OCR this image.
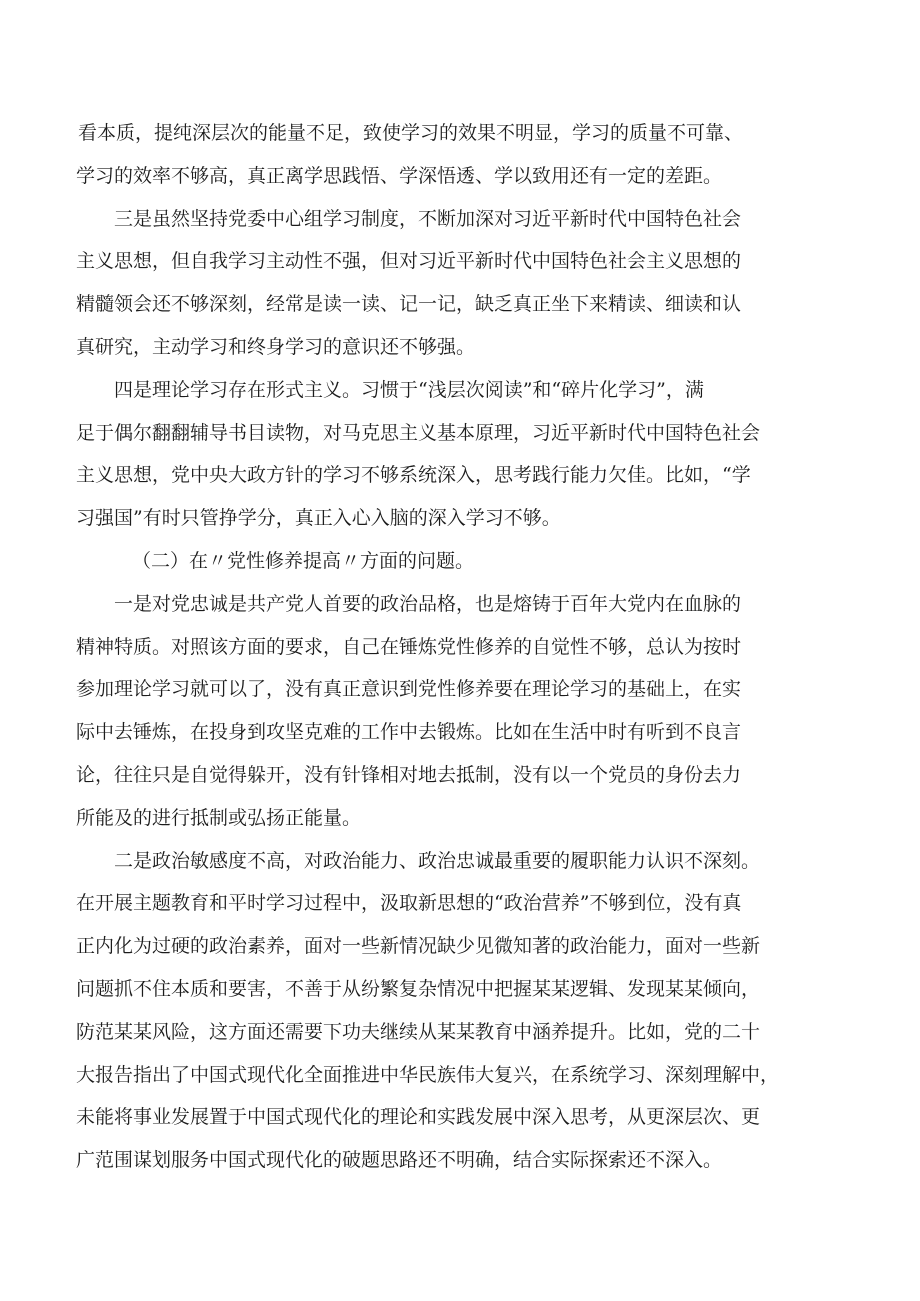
看本质，提纯深层次的能量不足，致使学习的效果不明显，学习的质量不可靠、
学习的效率不够高，真正离学思践悟、学深悟透、学以致用还有一定的差距。
三是虽然坚持党委中心组学习制度，不断加深对习近平新时代中国特色社会
主义思想，但自我学习主动性不强，但对习近平新时代中国特色社会主义思想的
精髓领会还不够深刻，经常是读一读、记一记，缺乏真正坐下来精读、细读和认
真研究，主动学习和终身学习的意识还不够强。
四是理论学习存在形式主义。习惯于“浅层次阅读”和“碎片化学习”，满
足于偶尔翻翻辅导书目读物，对马克思主义基本原理，习近平新时代中国特色社会
主义思想，党中央大政方针的学习不够系统深入，思考践行能力欠佳。比如，“学
习强国”有时只管挣学分，真正入心入脑的深入学习不够。
（二）在〃党性修养提高〃方面的问题。
一是对党忠诚是共产党人首要的政治品格，也是熔铸于百年大党内在血脉的
精神特质。对照该方面的要求，自己在锤炼党性修养的自觉性不够，总认为按时
参加理论学习就可以了，没有真正意识到党性修养要在理论学习的基础上，在实
际中去锤炼，在投身到攻坚克难的工作中去锻炼。比如在生活中时有听到不良言
论，往往只是自觉得躲开，没有针锋相对地去抵制，没有以一个党员的身份去力
所能及的进行抵制或弘扬正能量。
二是政治敏感度不高，对政治能力、政治忠诚最重要的履职能力认识不深刻。
在开展主题教育和平时学习过程中，汲取新思想的“政治营养”不够到位，没有真
正内化为过硬的政治素养，面对一些新情况缺少见微知著的政治能力，面对一些新
问题抓不住本质和要害，不善于从纷繁复杂情况中把握某某逻辑、发现某某倾向，
防范某某风险，这方面还需要下功夫继续从某某教育中涵养提升。比如，党的二十
大报告指出了中国式现代化全面推进中华民族伟大复兴，在系统学习、深刻理解中，
未能将事业发展置于中国式现代化的理论和实践发展中深入思考，从更深层次、更
广范围谋划服务中国式现代化的破题思路还不明确，结合实际探索还不深入。
